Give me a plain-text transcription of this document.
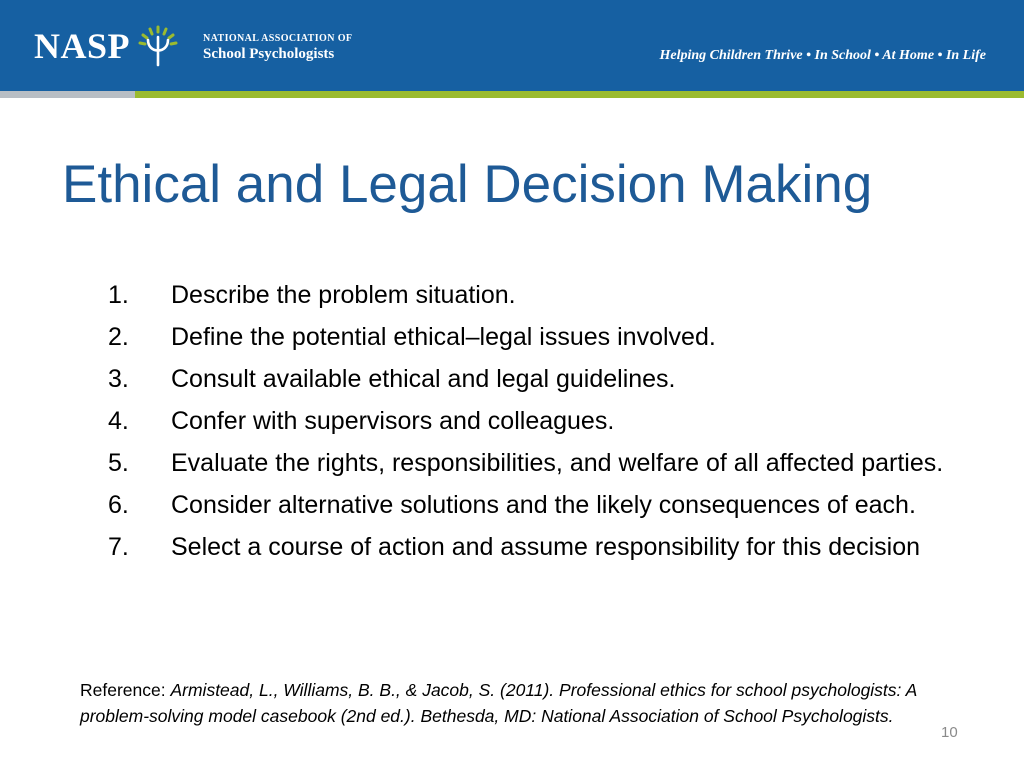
NASP	NATIONAL ASSOCIATION OF
School Psychologists	Helping Children Thrive • In School • At Home • In Life
Ethical and Legal Decision Making
1.	Describe the problem situation.
2.	Define the potential ethical–legal issues involved.
3.	Consult available ethical and legal guidelines.
4.	Confer with supervisors and colleagues.
5.	Evaluate the rights, responsibilities, and welfare of all affected parties.
6.	Consider alternative solutions and the likely consequences of each.
7.	Select a course of action and assume responsibility for this decision
Reference: Armistead, L., Williams, B. B., & Jacob, S. (2011). Professional ethics for school psychologists: A problem-solving model casebook (2nd ed.). Bethesda, MD: National Association of School Psychologists.
10
